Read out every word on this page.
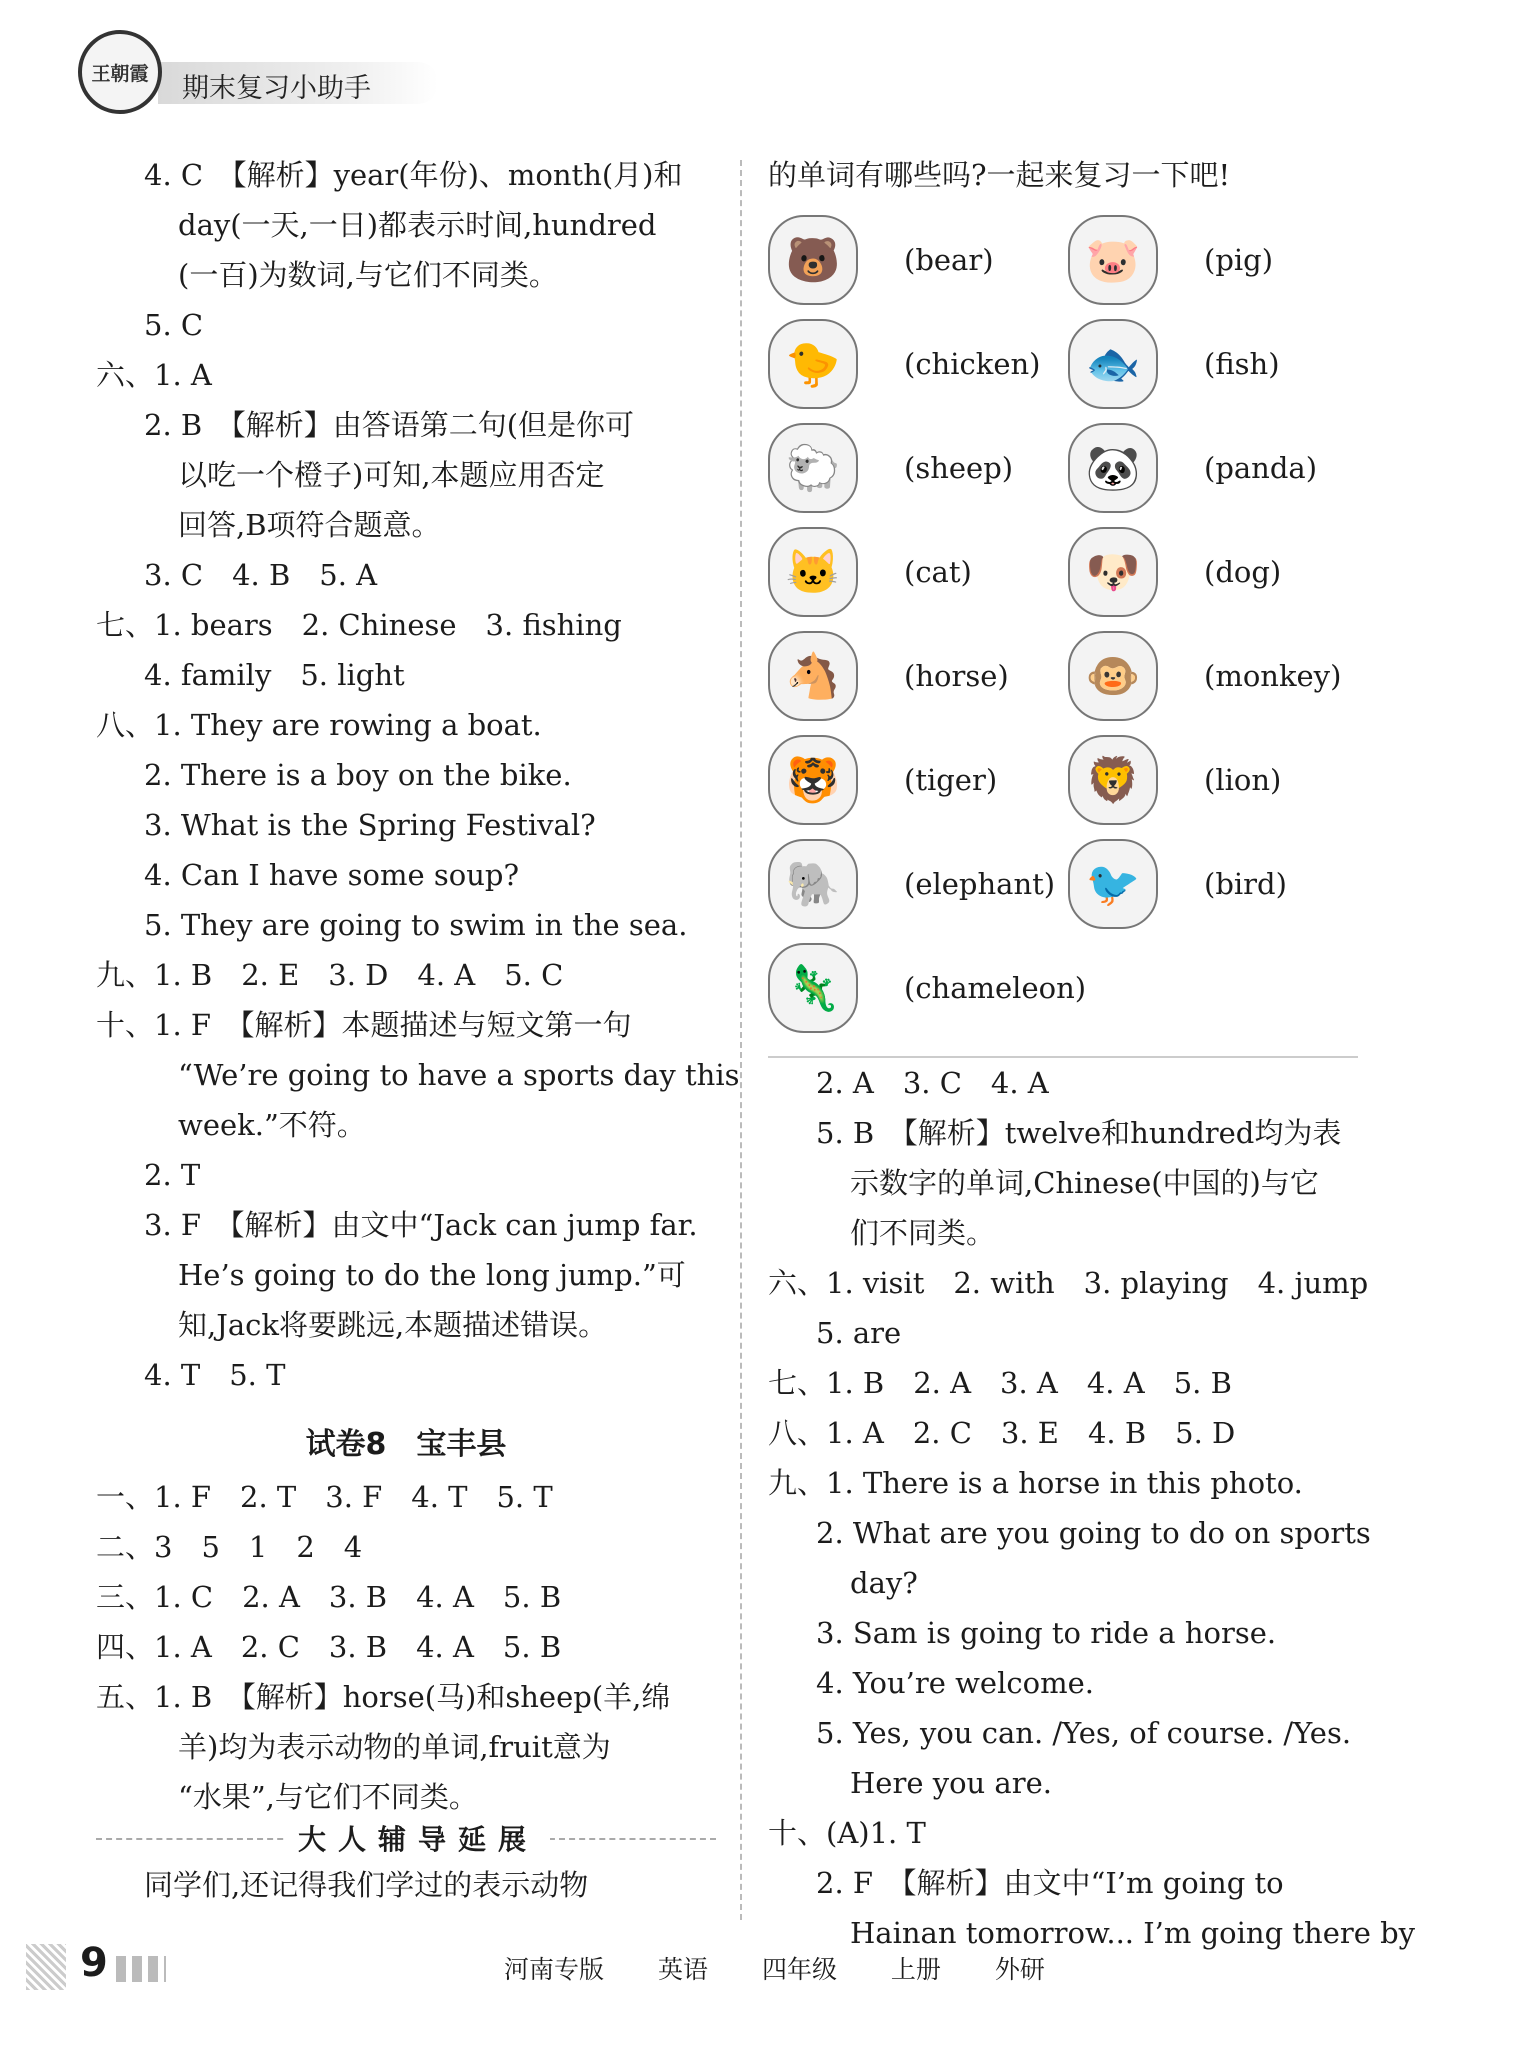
王朝霞 期末复习小助手
4. C　【解析】year(年份)、month(月)和
day(一天,一日)都表示时间,hundred
(一百)为数词,与它们不同类。
5. C
六、1. A
2. B　【解析】由答语第二句(但是你可
以吃一个橙子)可知,本题应用否定
回答,B项符合题意。
3. C　4. B　5. A
七、1. bears　2. Chinese　3. fishing
4. family　5. light
八、1. They are rowing a boat.
2. There is a boy on the bike.
3. What is the Spring Festival?
4. Can I have some soup?
5. They are going to swim in the sea.
九、1. B　2. E　3. D　4. A　5. C
十、1. F　【解析】本题描述与短文第一句
“We’re going to have a sports day this
week.”不符。
2. T
3. F　【解析】由文中“Jack can jump far.
He’s going to do the long jump.”可
知,Jack将要跳远,本题描述错误。
4. T　5. T
试卷8　宝丰县
一、1. F　2. T　3. F　4. T　5. T
二、3　5　1　2　4
三、1. C　2. A　3. B　4. A　5. B
四、1. A　2. C　3. B　4. A　5. B
五、1. B　【解析】horse(马)和sheep(羊,绵
羊)均为表示动物的单词,fruit意为
“水果”,与它们不同类。
大人辅导延展
同学们,还记得我们学过的表示动物
的单词有哪些吗?一起来复习一下吧!
🐻	(bear)	🐷	(pig)
🐤	(chicken)	🐟	(fish)
🐑	(sheep)	🐼	(panda)
🐱	(cat)	🐶	(dog)
🐴	(horse)	🐵	(monkey)
🐯	(tiger)	🦁	(lion)
🐘	(elephant) 🐦	(bird)
🦎	(chameleon)
2. A　3. C　4. A
5. B　【解析】twelve和hundred均为表
示数字的单词,Chinese(中国的)与它
们不同类。
六、1. visit　2. with　3. playing　4. jump
5. are
七、1. B　2. A　3. A　4. A　5. B
八、1. A　2. C　3. E　4. B　5. D
九、1. There is a horse in this photo.
2. What are you going to do on sports
day?
3. Sam is going to ride a horse.
4. You’re welcome.
5. Yes, you can. /Yes, of course. /Yes.
Here you are.
十、(A)1. T
2. F　【解析】由文中“I’m going to
Hainan tomorrow... I’m going there by
9	河南专版 英语 四年级 上册 外研
